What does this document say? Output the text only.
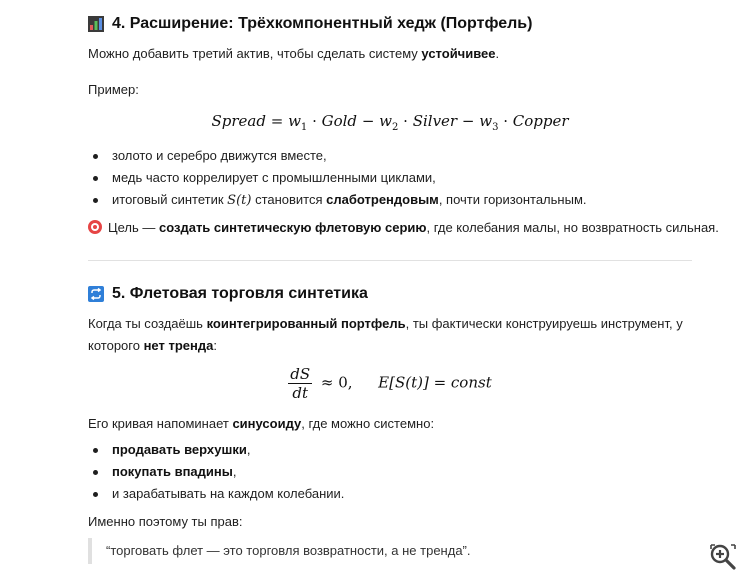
4. Расширение: Трёхкомпонентный хедж (Портфель)
Можно добавить третий актив, чтобы сделать систему устойчивее.
Пример:
Spread = $w_1$ · Gold − $w_2$ · Silver − $w_3$ · Copper
золото и серебро движутся вместе,
медь часто коррелирует с промышленными циклами,
итоговый синтетик S(t) становится слаботрендовым, почти горизонтальным.
Цель — создать синтетическую флетовую серию, где колебания малы, но возвратность сильная.
5. Флетовая торговля синтетика
Когда ты создаёшь коинтегрированный портфель, ты фактически конструируешь инструмент, у
которого нет тренда:
$\frac{dS}{dt} \approx 0$, E[S(t)] = const
Его кривая напоминает синусоиду, где можно системно:
продавать верхушки,
покупать впадины,
и зарабатывать на каждом колебании.
Именно поэтому ты прав:
“торговать флет — это торговля возвратности, а не тренда”.
